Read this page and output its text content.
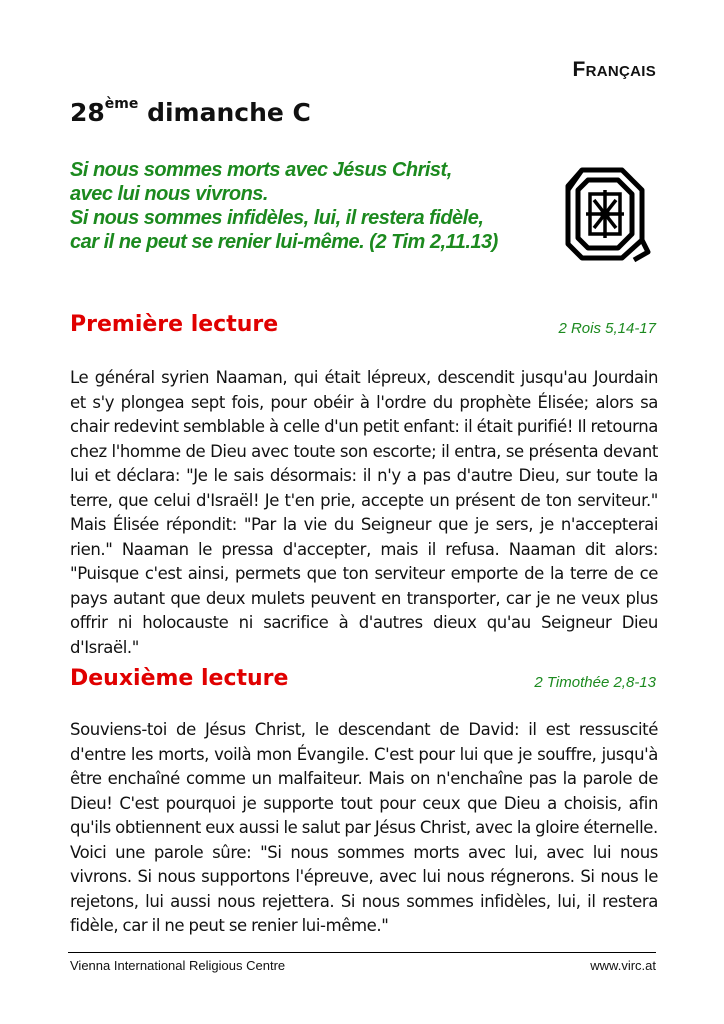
Français
28ème dimanche C
Si nous sommes morts avec Jésus Christ,
avec lui nous vivrons.
Si nous sommes infidèles, lui, il restera fidèle,
car il ne peut se renier lui-même. (2 Tim 2,11.13)
Première lecture	2 Rois 5,14-17
Le général syrien Naaman, qui était lépreux, descendit jusqu'au Jourdain et s'y plongea sept fois, pour obéir à l'ordre du prophète Élisée; alors sa chair redevint semblable à celle d'un petit enfant: il était purifié! Il retourna chez l'homme de Dieu avec toute son escorte; il entra, se présenta devant lui et déclara: "Je le sais désormais: il n'y a pas d'autre Dieu, sur toute la terre, que celui d'Israël! Je t'en prie, accepte un présent de ton serviteur." Mais Élisée répondit: "Par la vie du Seigneur que je sers, je n'accepterai rien." Naaman le pressa d'accepter, mais il refusa. Naaman dit alors: "Puisque c'est ainsi, permets que ton serviteur emporte de la terre de ce pays autant que deux mulets peuvent en transporter, car je ne veux plus offrir ni holocauste ni sacrifice à d'autres dieux qu'au Seigneur Dieu d'Israël."
Deuxième lecture	2 Timothée 2,8-13
Souviens-toi de Jésus Christ, le descendant de David: il est ressuscité d'entre les morts, voilà mon Évangile. C'est pour lui que je souffre, jusqu'à être enchaîné comme un malfaiteur. Mais on n'enchaîne pas la parole de Dieu! C'est pourquoi je supporte tout pour ceux que Dieu a choisis, afin qu'ils obtiennent eux aussi le salut par Jésus Christ, avec la gloire éternelle.
Voici une parole sûre: "Si nous sommes morts avec lui, avec lui nous vivrons. Si nous supportons l'épreuve, avec lui nous régnerons. Si nous le rejetons, lui aussi nous rejettera. Si nous sommes infidèles, lui, il restera fidèle, car il ne peut se renier lui-même."
Vienna International Religious Centre	www.virc.at
